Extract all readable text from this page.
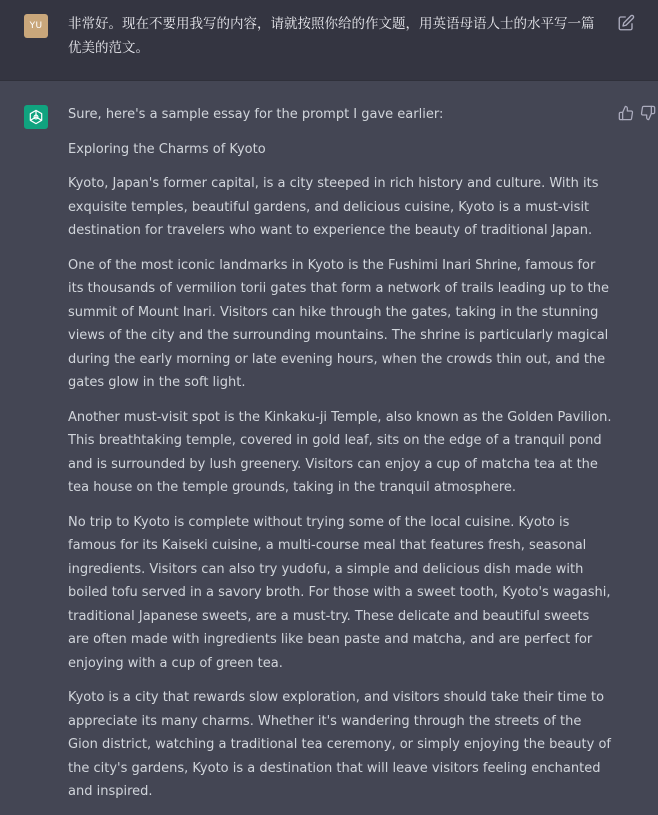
YU	非常好。现在不要用我写的内容，请就按照你给的作文题，用英语母语人士的水平写一篇优美的范文。

Sure, here's a sample essay for the prompt I gave earlier:

Exploring the Charms of Kyoto

Kyoto, Japan's former capital, is a city steeped in rich history and culture. With its exquisite temples, beautiful gardens, and delicious cuisine, Kyoto is a must-visit destination for travelers who want to experience the beauty of traditional Japan.

One of the most iconic landmarks in Kyoto is the Fushimi Inari Shrine, famous for its thousands of vermilion torii gates that form a network of trails leading up to the summit of Mount Inari. Visitors can hike through the gates, taking in the stunning views of the city and the surrounding mountains. The shrine is particularly magical during the early morning or late evening hours, when the crowds thin out, and the gates glow in the soft light.

Another must-visit spot is the Kinkaku-ji Temple, also known as the Golden Pavilion. This breathtaking temple, covered in gold leaf, sits on the edge of a tranquil pond and is surrounded by lush greenery. Visitors can enjoy a cup of matcha tea at the tea house on the temple grounds, taking in the tranquil atmosphere.

No trip to Kyoto is complete without trying some of the local cuisine. Kyoto is famous for its Kaiseki cuisine, a multi-course meal that features fresh, seasonal ingredients. Visitors can also try yudofu, a simple and delicious dish made with boiled tofu served in a savory broth. For those with a sweet tooth, Kyoto's wagashi, traditional Japanese sweets, are a must-try. These delicate and beautiful sweets are often made with ingredients like bean paste and matcha, and are perfect for enjoying with a cup of green tea.

Kyoto is a city that rewards slow exploration, and visitors should take their time to appreciate its many charms. Whether it's wandering through the streets of the Gion district, watching a traditional tea ceremony, or simply enjoying the beauty of the city's gardens, Kyoto is a destination that will leave visitors feeling enchanted and inspired.
